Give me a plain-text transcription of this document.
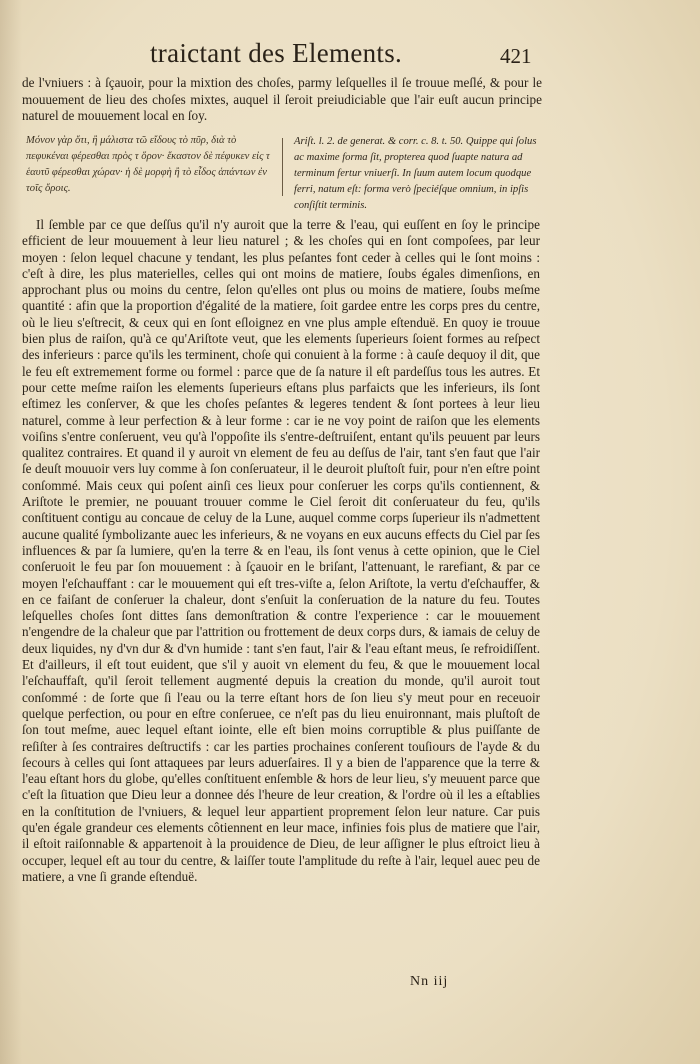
traictant des Elements.	421

de l'vniuers : à ſçauoir, pour la mixtion des choſes, parmy leſquelles il ſe trouue meſlé, & pour le mouuement de lieu des choſes mixtes, auquel il ſeroit preiudiciable que l'air euſt aucun principe naturel de mouuement local en ſoy.

Μόνον γὰρ ὅτι, ἢ μάλιστα τῶ εἴδους τὸ πῦρ, διὰ τὸ πεφυκέναι φέρεσθαι πρὸς τ ὅρον· ἕκαστον δὲ πέφυκεν εἰς τ ἑαυτῦ φέρεσθαι χώραν· ἡ δὲ μορφὴ ἢ τὸ εἶδος ἁπάντων ἐν τοῖς ὅροις.

Ariſt. l. 2. de generat. & corr. c. 8. t. 50. Quippe qui ſolus ac maxime forma ſit, propterea quod ſuapte natura ad terminum fertur vniuerſi. In ſuum autem locum quodque ferri, natum eſt: forma verò ſpeciéſque omnium, in ipſis conſiſtit terminis.

Il ſemble par ce que deſſus qu'il n'y auroit que la terre & l'eau, qui euſſent en ſoy le principe efficient de leur mouuement à leur lieu naturel ; & les choſes qui en ſont compoſees, par leur moyen : ſelon lequel chacune y tendant, les plus peſantes font ceder à celles qui le ſont moins : c'eſt à dire, les plus materielles, celles qui ont moins de matiere, ſoubs égales dimenſions, en approchant plus ou moins du centre, ſelon qu'elles ont plus ou moins de matiere, ſoubs meſme quantité : afin que la proportion d'égalité de la matiere, ſoit gardee entre les corps pres du centre, où le lieu s'eſtrecit, & ceux qui en ſont eſloignez en vne plus ample eſtenduë. En quoy ie trouue bien plus de raiſon, qu'à ce qu'Ariſtote veut, que les elements ſuperieurs ſoient formes au reſpect des inferieurs : parce qu'ils les terminent, choſe qui conuient à la forme : à cauſe dequoy il dit, que le feu eſt extremement forme ou formel : parce que de ſa nature il eſt pardeſſus tous les autres. Et pour cette meſme raiſon les elements ſuperieurs eſtans plus parfaicts que les inferieurs, ils ſont eſtimez les conſerver, & que les choſes peſantes & legeres tendent & ſont portees à leur lieu naturel, comme à leur perfection & à leur forme : car ie ne voy point de raiſon que les elements voiſins s'entre conſeruent, veu qu'à l'oppoſite ils s'entre-deſtruiſent, entant qu'ils peuuent par leurs qualitez contraires. Et quand il y auroit vn element de feu au deſſus de l'air, tant s'en faut que l'air ſe deuſt mouuoir vers luy comme à ſon conſeruateur, il le deuroit pluſtoſt fuir, pour n'en eſtre point conſommé. Mais ceux qui poſent ainſi ces lieux pour conſeruer les corps qu'ils contiennent, & Ariſtote le premier, ne pouuant trouuer comme le Ciel ſeroit dit conſeruateur du feu, qu'ils conſtituent contigu au concaue de celuy de la Lune, auquel comme corps ſuperieur ils n'admettent aucune qualité ſymbolizante auec les inferieurs, & ne voyans en eux aucuns effects du Ciel par ſes influences & par ſa lumiere, qu'en la terre & en l'eau, ils ſont venus à cette opinion, que le Ciel conſeruoit le feu par ſon mouuement : à ſçauoir en le briſant, l'attenuant, le rarefiant, & par ce moyen l'eſchauffant : car le mouuement qui eſt tres-viſte a, ſelon Ariſtote, la vertu d'eſchauffer, & en ce faiſant de conſeruer la chaleur, dont s'enſuit la conſeruation de la nature du feu. Toutes leſquelles choſes ſont dittes ſans demonſtration & contre l'experience : car le mouuement n'engendre de la chaleur que par l'attrition ou frottement de deux corps durs, & iamais de celuy de deux liquides, ny d'vn dur & d'vn humide : tant s'en faut, l'air & l'eau eſtant meus, ſe refroidiſſent. Et d'ailleurs, il eſt tout euident, que s'il y auoit vn element du feu, & que le mouuement local l'eſchauffaſt, qu'il ſeroit tellement augmenté depuis la creation du monde, qu'il auroit tout conſommé : de ſorte que ſi l'eau ou la terre eſtant hors de ſon lieu s'y meut pour en receuoir quelque perfection, ou pour en eſtre conſeruee, ce n'eſt pas du lieu enuironnant, mais pluſtoſt de ſon tout meſme, auec lequel eſtant iointe, elle eſt bien moins corruptible & plus puiſſante de reſiſter à ſes contraires deſtructifs : car les parties prochaines conſerent touſiours de l'ayde & du ſecours à celles qui ſont attaquees par leurs aduerſaires. Il y a bien de l'apparence que la terre & l'eau eſtant hors du globe, qu'elles conſtituent enſemble & hors de leur lieu, s'y meuuent parce que c'eſt la ſituation que Dieu leur a donnee dés l'heure de leur creation, & l'ordre où il les a eſtablies en la conſtitution de l'vniuers, & lequel leur appartient proprement ſelon leur nature. Car puis qu'en égale grandeur ces elements côtiennent en leur mace, infinies fois plus de matiere que l'air, il eſtoit raiſonnable & appartenoit à la prouidence de Dieu, de leur aſſigner le plus eſtroict lieu à occuper, lequel eſt au tour du centre, & laiſſer toute l'amplitude du reſte à l'air, lequel auec peu de matiere, a vne ſi grande eſtenduë.

Nn iij
